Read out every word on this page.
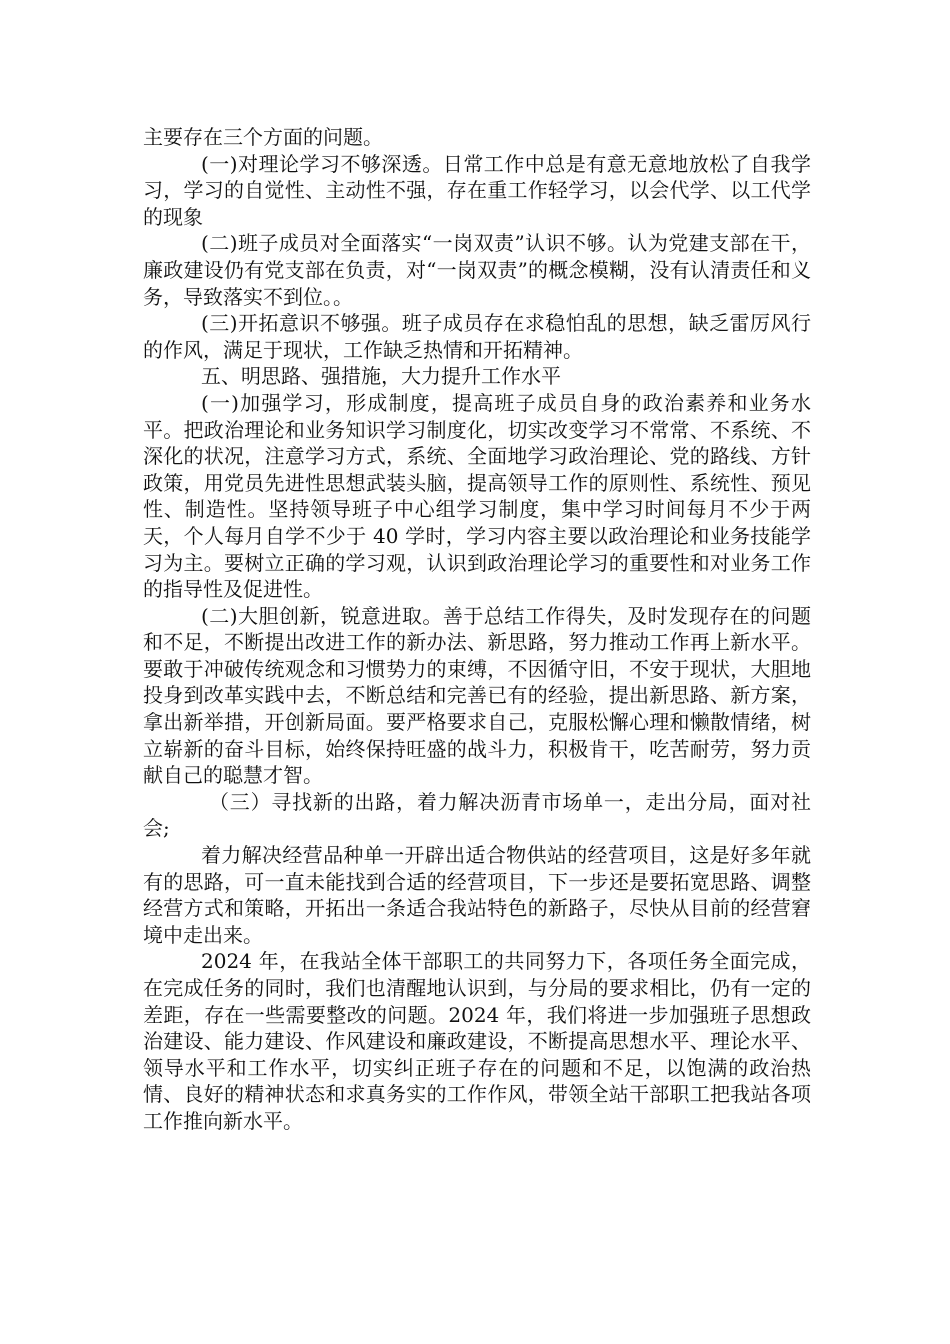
主要存在三个方面的问题。

(一)对理论学习不够深透。日常工作中总是有意无意地放松了自我学习，学习的自觉性、主动性不强，存在重工作轻学习，以会代学、以工代学的现象

(二)班子成员对全面落实“一岗双责”认识不够。认为党建支部在干，廉政建设仍有党支部在负责，对“一岗双责”的概念模糊，没有认清责任和义务，导致落实不到位。。

(三)开拓意识不够强。班子成员存在求稳怕乱的思想，缺乏雷厉风行的作风，满足于现状，工作缺乏热情和开拓精神。

五、明思路、强措施，大力提升工作水平

(一)加强学习，形成制度，提高班子成员自身的政治素养和业务水平。把政治理论和业务知识学习制度化，切实改变学习不常常、不系统、不深化的状况，注意学习方式，系统、全面地学习政治理论、党的路线、方针政策，用党员先进性思想武装头脑，提高领导工作的原则性、系统性、预见性、制造性。坚持领导班子中心组学习制度，集中学习时间每月不少于两天，个人每月自学不少于 40 学时，学习内容主要以政治理论和业务技能学习为主。要树立正确的学习观，认识到政治理论学习的重要性和对业务工作的指导性及促进性。

(二)大胆创新，锐意进取。善于总结工作得失，及时发现存在的问题和不足，不断提出改进工作的新办法、新思路，努力推动工作再上新水平。要敢于冲破传统观念和习惯势力的束缚，不因循守旧，不安于现状，大胆地投身到改革实践中去，不断总结和完善已有的经验，提出新思路、新方案，拿出新举措，开创新局面。要严格要求自己，克服松懈心理和懒散情绪，树立崭新的奋斗目标，始终保持旺盛的战斗力，积极肯干，吃苦耐劳，努力贡献自己的聪慧才智。

（三）寻找新的出路，着力解决沥青市场单一，走出分局，面对社会;

着力解决经营品种单一开辟出适合物供站的经营项目，这是好多年就有的思路，可一直未能找到合适的经营项目，下一步还是要拓宽思路、调整经营方式和策略，开拓出一条适合我站特色的新路子，尽快从目前的经营窘境中走出来。

2024 年，在我站全体干部职工的共同努力下，各项任务全面完成，在完成任务的同时，我们也清醒地认识到，与分局的要求相比，仍有一定的差距，存在一些需要整改的问题。2024 年，我们将进一步加强班子思想政治建设、能力建设、作风建设和廉政建设，不断提高思想水平、理论水平、领导水平和工作水平，切实纠正班子存在的问题和不足，以饱满的政治热情、良好的精神状态和求真务实的工作作风，带领全站干部职工把我站各项工作推向新水平。
